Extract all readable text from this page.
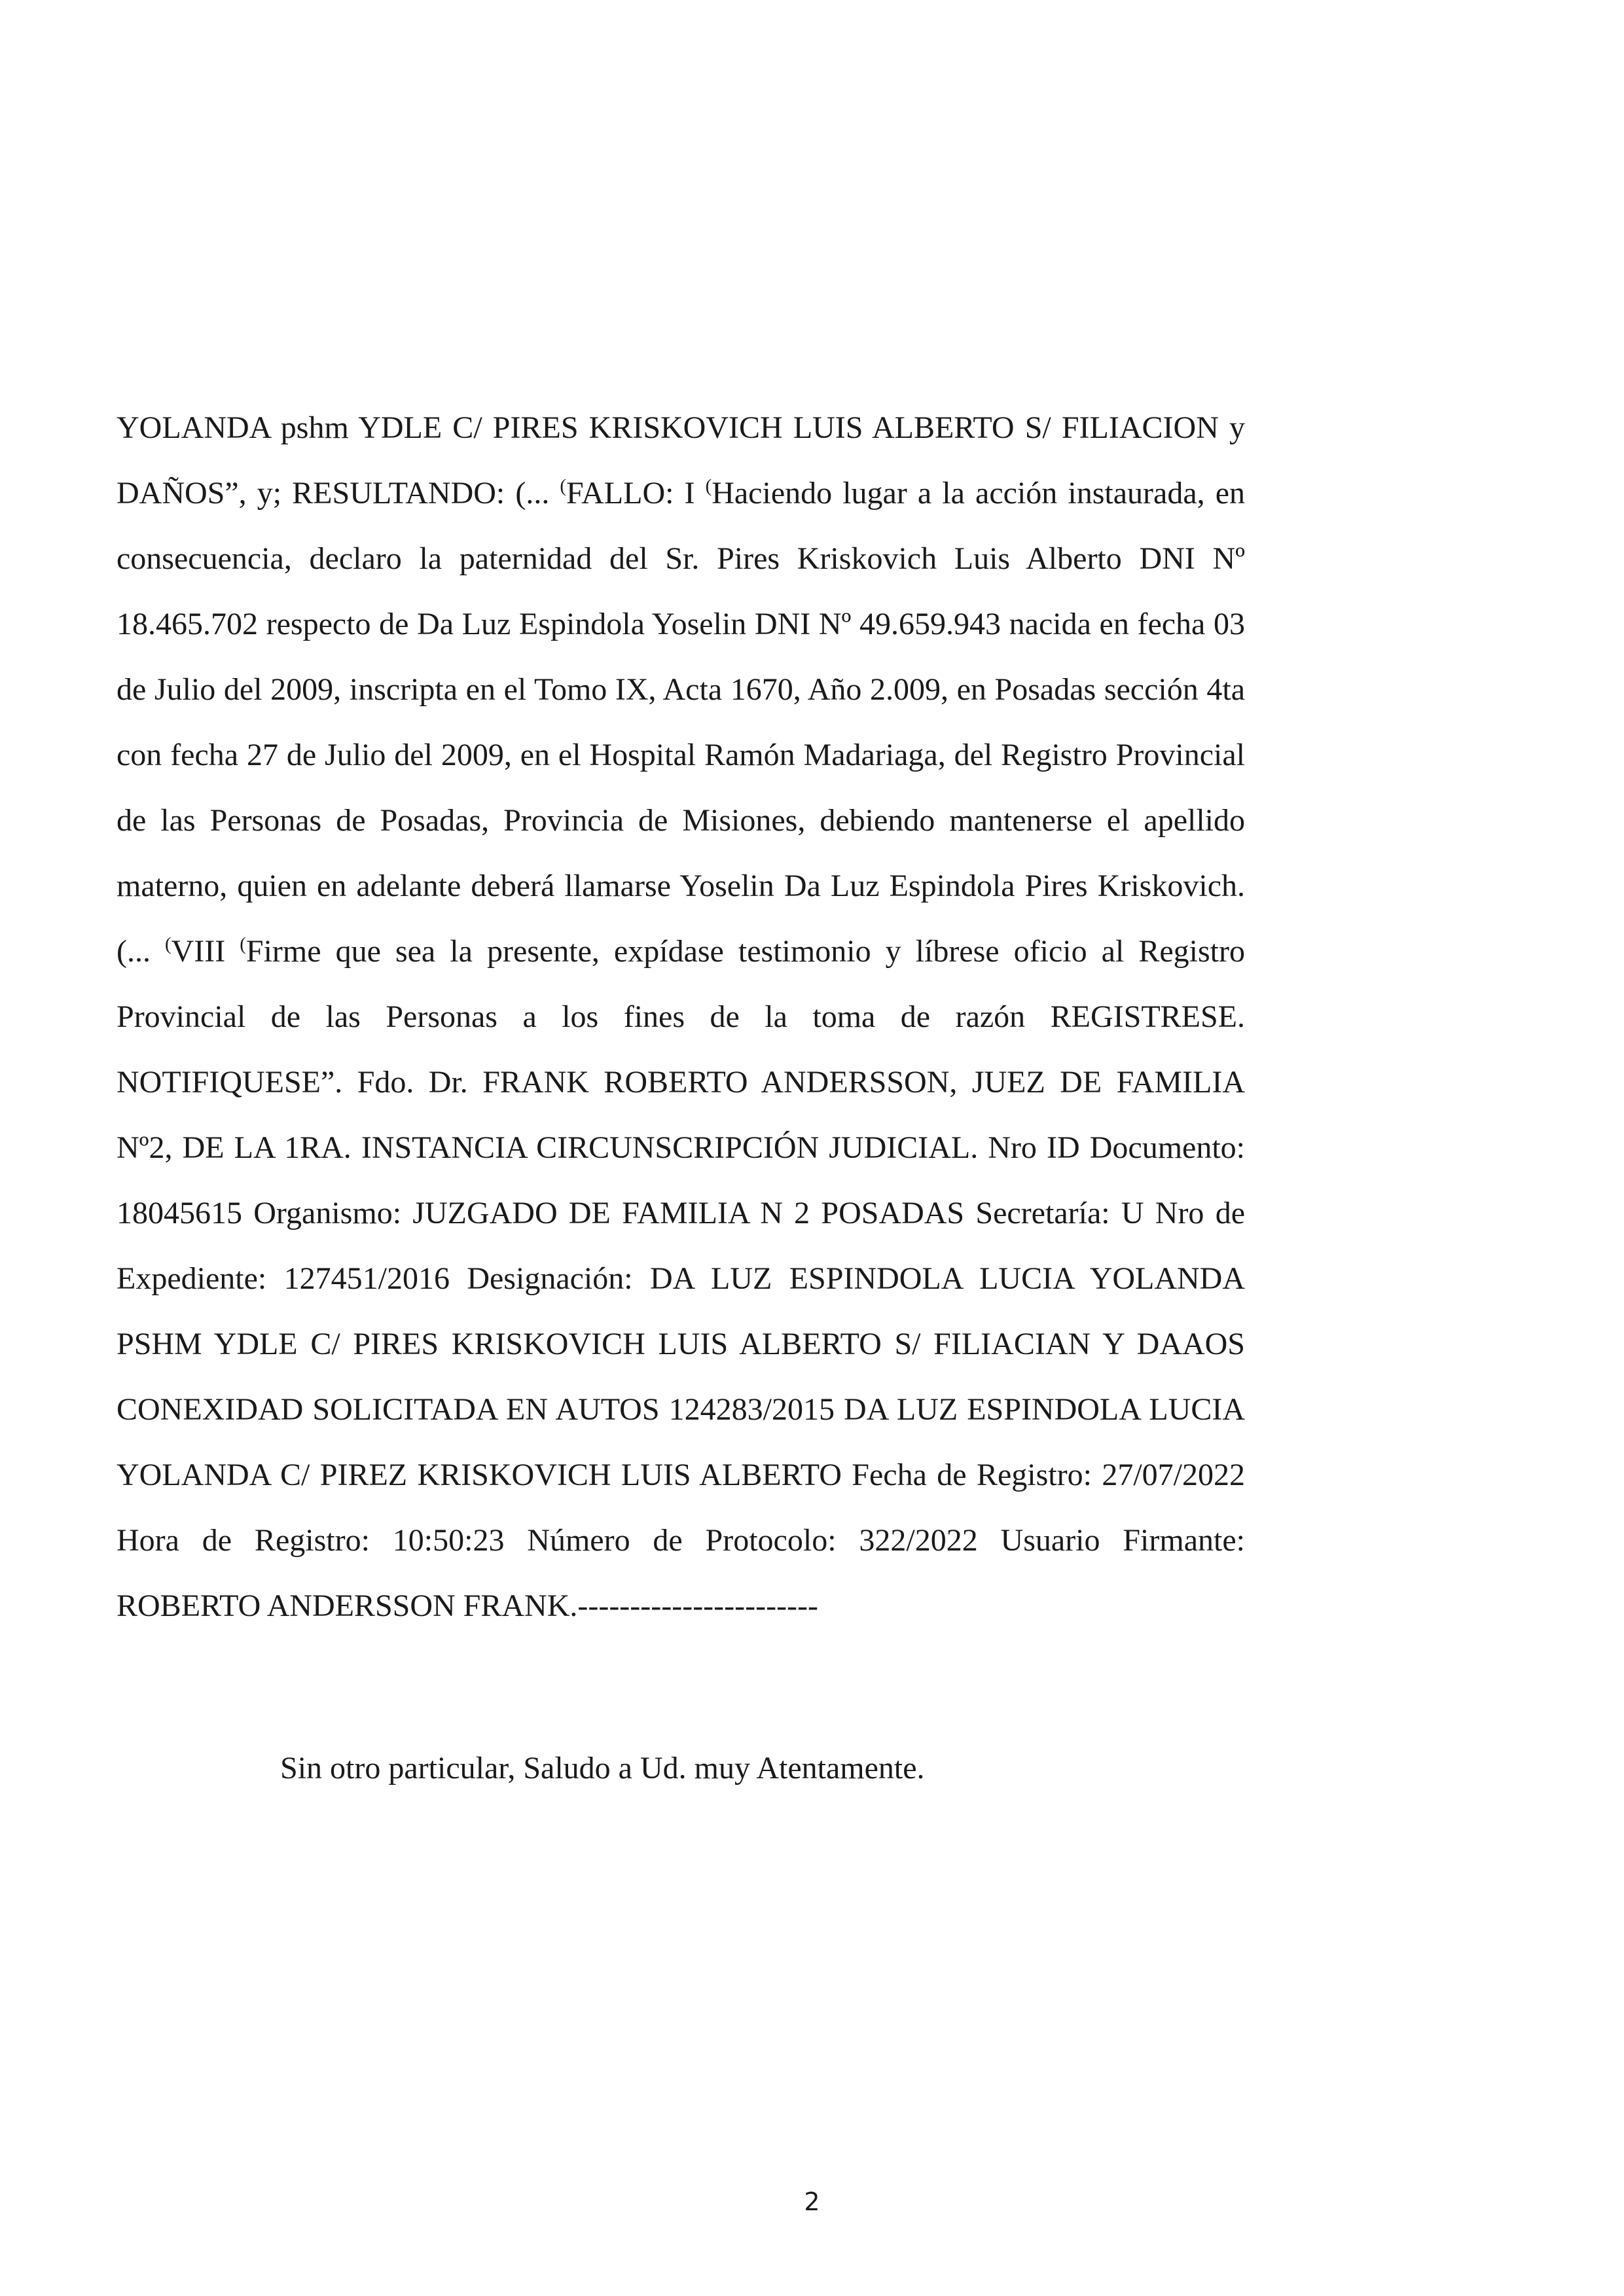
YOLANDA pshm YDLE C/ PIRES KRISKOVICH LUIS ALBERTO S/ FILIACION y DAÑOS”, y; RESULTANDO: (... (FALLO: I (Haciendo lugar a la acción instaurada, en consecuencia, declaro la paternidad del Sr. Pires Kriskovich Luis Alberto DNI Nº 18.465.702 respecto de Da Luz Espindola Yoselin DNI Nº 49.659.943 nacida en fecha 03 de Julio del 2009, inscripta en el Tomo IX, Acta 1670, Año 2.009, en Posadas sección 4ta con fecha 27 de Julio del 2009, en el Hospital Ramón Madariaga, del Registro Provincial de las Personas de Posadas, Provincia de Misiones, debiendo mantenerse el apellido materno, quien en adelante deberá llamarse Yoselin Da Luz Espindola Pires Kriskovich. (... (VIII (Firme que sea la presente, expídase testimonio y líbrese oficio al Registro Provincial de las Personas a los fines de la toma de razón REGISTRESE. NOTIFIQUESE”. Fdo. Dr. FRANK ROBERTO ANDERSSON, JUEZ DE FAMILIA Nº2, DE LA 1RA. INSTANCIA CIRCUNSCRIPCIÓN JUDICIAL. Nro ID Documento: 18045615 Organismo: JUZGADO DE FAMILIA N 2 POSADAS Secretaría: U Nro de Expediente: 127451/2016 Designación: DA LUZ ESPINDOLA LUCIA YOLANDA PSHM YDLE C/ PIRES KRISKOVICH LUIS ALBERTO S/ FILIACIAN Y DAAOS CONEXIDAD SOLICITADA EN AUTOS 124283/2015 DA LUZ ESPINDOLA LUCIA YOLANDA C/ PIREZ KRISKOVICH LUIS ALBERTO Fecha de Registro: 27/07/2022 Hora de Registro: 10:50:23 Número de Protocolo: 322/2022 Usuario Firmante: ROBERTO ANDERSSON FRANK.-----------------------

Sin otro particular, Saludo a Ud. muy Atentamente.

2
